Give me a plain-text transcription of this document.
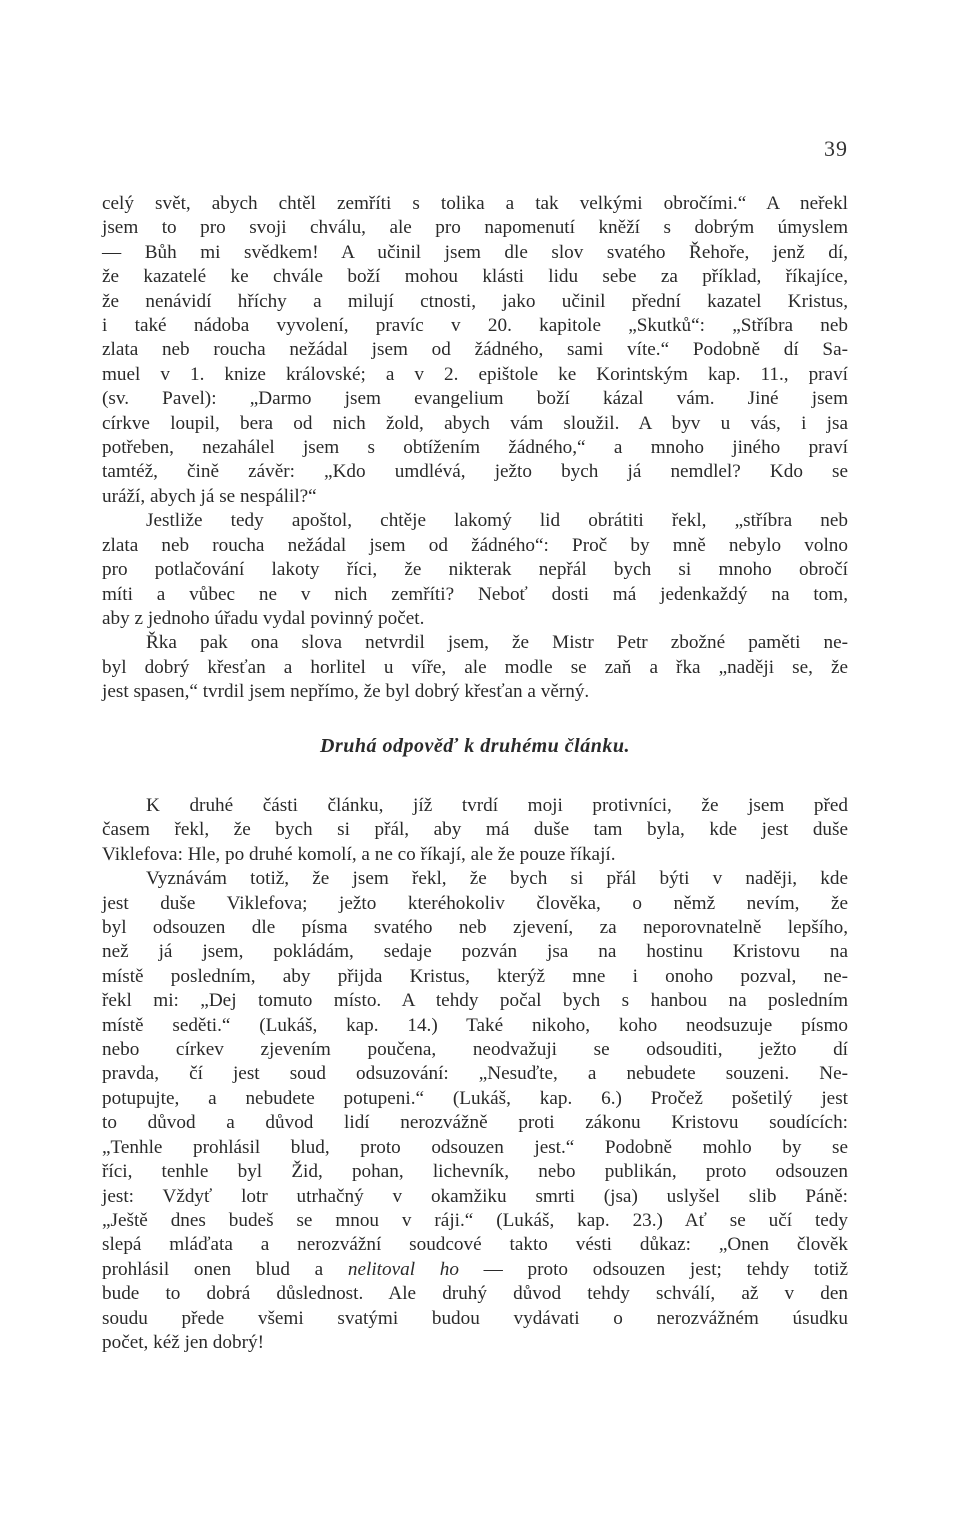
39
celý svět, abych chtěl zemříti s tolika a tak velkými obročími.“ A neřekl
jsem to pro svoji chválu, ale pro napomenutí kněží s dobrým úmyslem
— Bůh mi svědkem! A učinil jsem dle slov svatého Řehoře, jenž dí,
že kazatelé ke chvále boží mohou klásti lidu sebe za příklad, říkajíce,
že nenávidí hříchy a milují ctnosti, jako učinil přední kazatel Kristus,
i také nádoba vyvolení, pravíc v 20. kapitole „Skutků“: „Stříbra neb
zlata neb roucha nežádal jsem od žádného, sami víte.“ Podobně dí Sa-
muel v 1. knize královské; a v 2. epištole ke Korintským kap. 11., praví
(sv. Pavel): „Darmo jsem evangelium boží kázal vám. Jiné jsem
církve loupil, bera od nich žold, abych vám sloužil. A byv u vás, i jsa
potřeben, nezahálel jsem s obtížením žádného,“ a mnoho jiného praví
tamtéž, čině závěr: „Kdo umdlévá, ježto bych já nemdlel? Kdo se
uráží, abych já se nespálil?“
Jestliže tedy apoštol, chtěje lakomý lid obrátiti řekl, „stříbra neb
zlata neb roucha nežádal jsem od žádného“: Proč by mně nebylo volno
pro potlačování lakoty říci, že nikterak nepřál bych si mnoho obročí
míti a vůbec ne v nich zemříti? Neboť dosti má jedenkaždý na tom,
aby z jednoho úřadu vydal povinný počet.
Řka pak ona slova netvrdil jsem, že Mistr Petr zbožné paměti ne-
byl dobrý křesťan a horlitel u víře, ale modle se zaň a řka „naději se, že
jest spasen,“ tvrdil jsem nepřímo, že byl dobrý křesťan a věrný.
Druhá odpověď k druhému článku.
K druhé části článku, jíž tvrdí moji protivníci, že jsem před
časem řekl, že bych si přál, aby má duše tam byla, kde jest duše
Viklefova: Hle, po druhé komolí, a ne co říkají, ale že pouze říkají.
Vyznávám totiž, že jsem řekl, že bych si přál býti v naději, kde
jest duše Viklefova; ježto kteréhokoliv člověka, o němž nevím, že
byl odsouzen dle písma svatého neb zjevení, za neporovnatelně lepšího,
než já jsem, pokládám, sedaje pozván jsa na hostinu Kristovu na
místě posledním, aby přijda Kristus, kterýž mne i onoho pozval, ne-
řekl mi: „Dej tomuto místo. A tehdy počal bych s hanbou na posledním
místě seděti.“ (Lukáš, kap. 14.) Také nikoho, koho neodsuzuje písmo
nebo církev zjevením poučena, neodvažuji se odsouditi, ježto dí
pravda, čí jest soud odsuzování: „Nesuďte, a nebudete souzeni. Ne-
potupujte, a nebudete potupeni.“ (Lukáš, kap. 6.) Pročež pošetilý jest
to důvod a důvod lidí nerozvážně proti zákonu Kristovu soudících:
„Tenhle prohlásil blud, proto odsouzen jest.“ Podobně mohlo by se
říci, tenhle byl Žid, pohan, lichevník, nebo publikán, proto odsouzen
jest: Vždyť lotr utrhačný v okamžiku smrti (jsa) uslyšel slib Páně:
„Ještě dnes budeš se mnou v ráji.“ (Lukáš, kap. 23.) Ať se učí tedy
slepá mláďata a nerozvážní soudcové takto vésti důkaz: „Onen člověk
prohlásil onen blud a nelitoval ho — proto odsouzen jest; tehdy totiž
bude to dobrá důslednost. Ale druhý důvod tehdy schválí, až v den
soudu přede všemi svatými budou vydávati o nerozvážném úsudku
počet, kéž jen dobrý!
